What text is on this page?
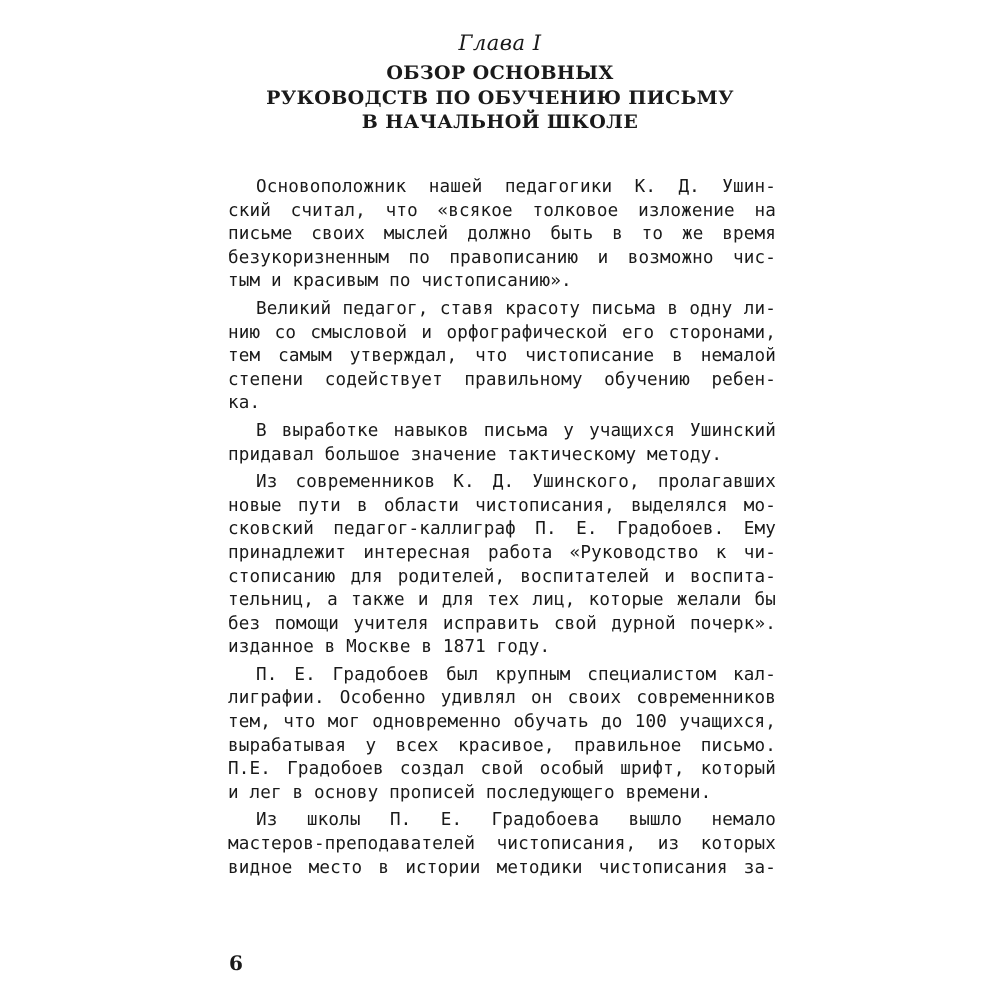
Глава I
ОБЗОР ОСНОВНЫХ
РУКОВОДСТВ ПО ОБУЧЕНИЮ ПИСЬМУ
В НАЧАЛЬНОЙ ШКОЛЕ
Основоположник нашей педагогики К. Д. Ушин-
ский считал, что «всякое толковое изложение на
письме своих мыслей должно быть в то же время
безукоризненным по правописанию и возможно чис-
тым и красивым по чистописанию».
Великий педагог, ставя красоту письма в одну ли-
нию со смысловой и орфографической его сторонами,
тем самым утверждал, что чистописание в немалой
степени содействует правильному обучению ребен-
ка.
В выработке навыков письма у учащихся Ушинский
придавал большое значение тактическому методу.
Из современников К. Д. Ушинского, пролагавших
новые пути в области чистописания, выделялся мо-
сковский педагог-каллиграф П. Е. Градобоев. Ему
принадлежит интересная работа «Руководство к чи-
стописанию для родителей, воспитателей и воспита-
тельниц, а также и для тех лиц, которые желали бы
без помощи учителя исправить свой дурной почерк».
изданное в Москве в 1871 году.
П. Е. Градобоев был крупным специалистом кал-
лиграфии. Особенно удивлял он своих современников
тем, что мог одновременно обучать до 100 учащихся,
вырабатывая у всех красивое, правильное письмо.
П.Е. Градобоев создал свой особый шрифт, который
и лег в основу прописей последующего времени.
Из школы П. Е. Градобоева вышло немало
мастеров-преподавателей чистописания, из которых
видное место в истории методики чистописания за-
6
